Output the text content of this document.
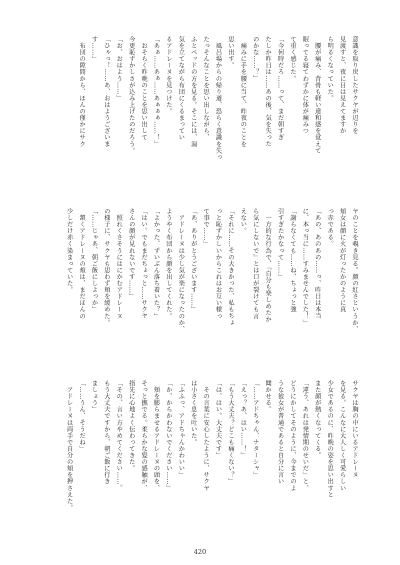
意識を取り戻したサクヤが辺りを
見渡すと、夜に目は見えてますか
ら明るくなっていた。
　腰が痛み、背骨も軽い違和感を覚えて
眠ってる寝てわずかに体が痛みつ
て重く感じた。
「今何時だろ……って、まだ朝すぎ
たしか昨日は……あの後、気を失った
のかな……？」
　痛みに手を腰に当て、昨夜のことを
思い出す。
　風呂場からの帰り道、恐らく意識を失っ
たっそんなことを思い出しながら、
ふとベッドの方を見る。そこには、湯
気を立てながら布団にくるまってい
るアドレーヌを見つけた。
「あぁ……あぁ……あぁぁぁ……！」
　おそらく昨晩のことを思い出して
今更恥ずかしさが込み上げたのだろう。
「お、おはよう……」
「ひゃっ！……あ、おはようございま
す……」
　布団の隙間から、ほんの僅かにサク
ヤのことを覗き見る。顔の紅さというか、
頬女は顔に火が灯ったかのように真
っ赤である。
「あの、あのあの……っ、昨日は本当
に、本っ当に……すみませんでした！」
「謝らなくても……ね、ちょっと強
引すぎたかなって……」
　一方的な行為で、『自分も楽しめたか
ら気にしないで』とは口が裂けても言
えない。
「それに……その大きかった、私もちょ
っと恥ずかしいからこれはお互い様っ
て事で……」
「あ、ありがとうございます……」
　アドレーヌは少し気が楽になったのか、
ようやく布団から顔を出してくれた。
「よかった、ずいぶん落ち着いた？」
「はい。でもまだちょっと……サクヤ
さんの顔が見れないです……」
　照れくさそうにはにかむアドレーヌ
の様子に、サクヤも思わず頬を緩めた。
「……じゃあ、朝ご飯にしよっか」
　頷くアドレーヌの頬は、まだほんの
少しだけ赤く染まっていた。
サクヤは胸の中にいるアドレーヌ
を見る。こんなに大人しく可愛らしい
少女であるのに、昨晩の姿を思い出すと
また顔が熱くなってくる。
「違う、あれは発情期のせいだ」と、
どうにかしてそのように、今までのよ
うな彼女が普通であると自分に言い
聞かせる。
「……アドちゃん、ナターシャ」
「えっ？あ、はい……！」
「もう大丈夫？どこも痛くない？」
「は、はい。大丈夫です」
　その言葉に安心したように、サクヤ
は小さく息を吐いた。
「ふふっ、アドちゃんかわいい」
「か、からかわないでください……」
　頬を膨らませるアドレーヌの頭を、
そっと撫でる。柔らかな髪の感触が、
指先に心地よく伝わってきた。
「その、言い方やめてください……。
もう大丈夫ですから、朝ご飯に行き
ましょう」
「……うん、そうだね」
　アドレーヌは両手で自分の頬を押さえた。
420
